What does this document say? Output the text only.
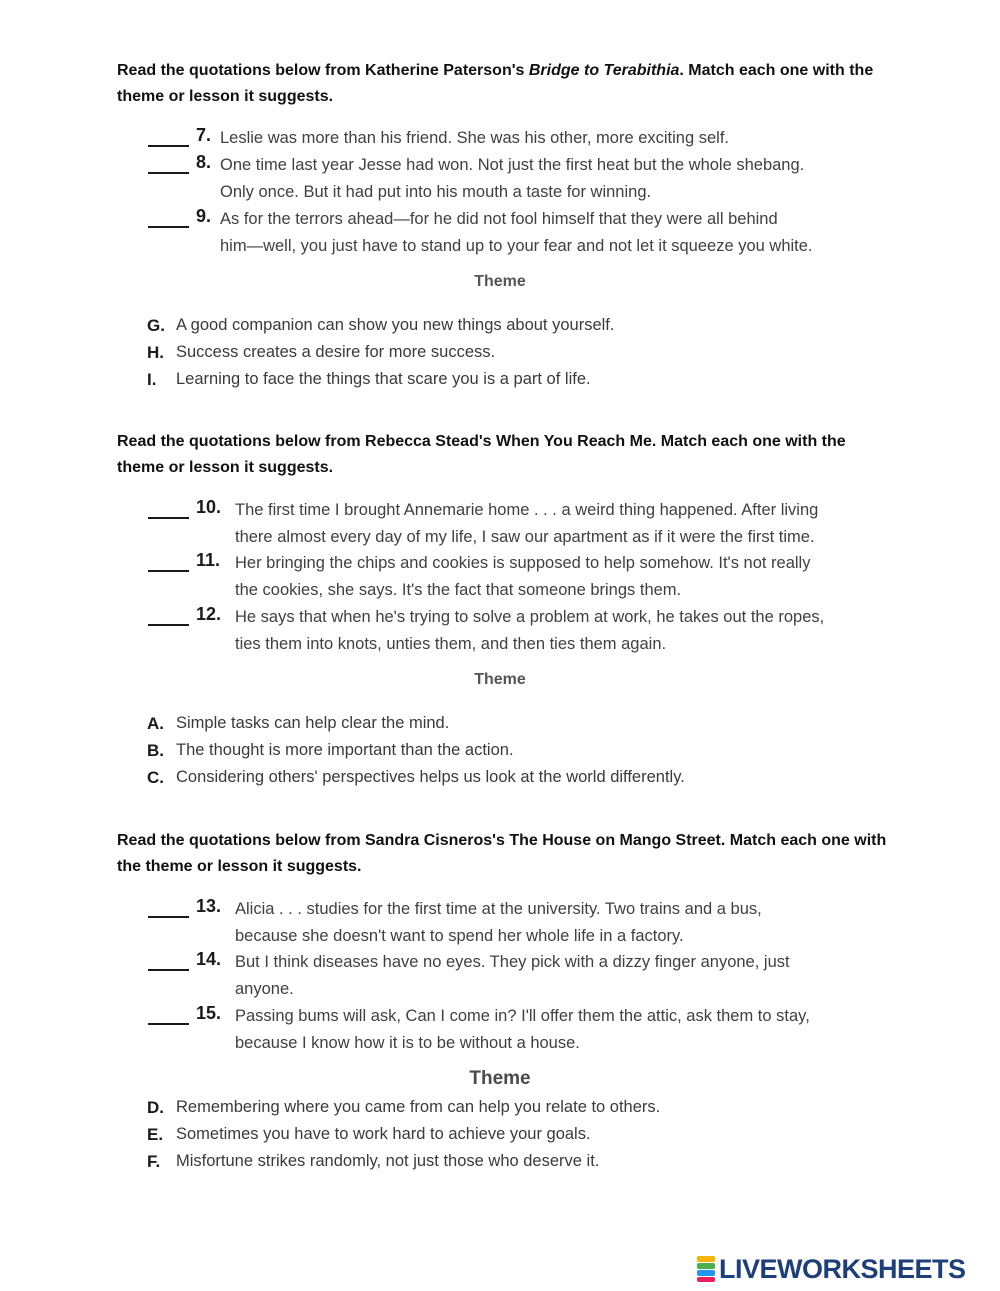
Read the quotations below from Katherine Paterson's Bridge to Terabithia. Match each one with the theme or lesson it suggests.
7. Leslie was more than his friend. She was his other, more exciting self.
8. One time last year Jesse had won. Not just the first heat but the whole shebang.
Only once. But it had put into his mouth a taste for winning.
9. As for the terrors ahead—for he did not fool himself that they were all behind
him—well, you just have to stand up to your fear and not let it squeeze you white.
Theme
G. A good companion can show you new things about yourself.
H. Success creates a desire for more success.
I. Learning to face the things that scare you is a part of life.
Read the quotations below from Rebecca Stead's When You Reach Me. Match each one with the theme or lesson it suggests.
10. The first time I brought Annemarie home . . . a weird thing happened. After living
there almost every day of my life, I saw our apartment as if it were the first time.
11. Her bringing the chips and cookies is supposed to help somehow. It's not really
the cookies, she says. It's the fact that someone brings them.
12. He says that when he's trying to solve a problem at work, he takes out the ropes,
ties them into knots, unties them, and then ties them again.
Theme
A. Simple tasks can help clear the mind.
B. The thought is more important than the action.
C. Considering others' perspectives helps us look at the world differently.
Read the quotations below from Sandra Cisneros's The House on Mango Street. Match each one with the theme or lesson it suggests.
13. Alicia . . . studies for the first time at the university. Two trains and a bus,
because she doesn't want to spend her whole life in a factory.
14. But I think diseases have no eyes. They pick with a dizzy finger anyone, just
anyone.
15. Passing bums will ask, Can I come in? I'll offer them the attic, ask them to stay,
because I know how it is to be without a house.
Theme
D. Remembering where you came from can help you relate to others.
E. Sometimes you have to work hard to achieve your goals.
F. Misfortune strikes randomly, not just those who deserve it.
LIVEWORKSHEETS
